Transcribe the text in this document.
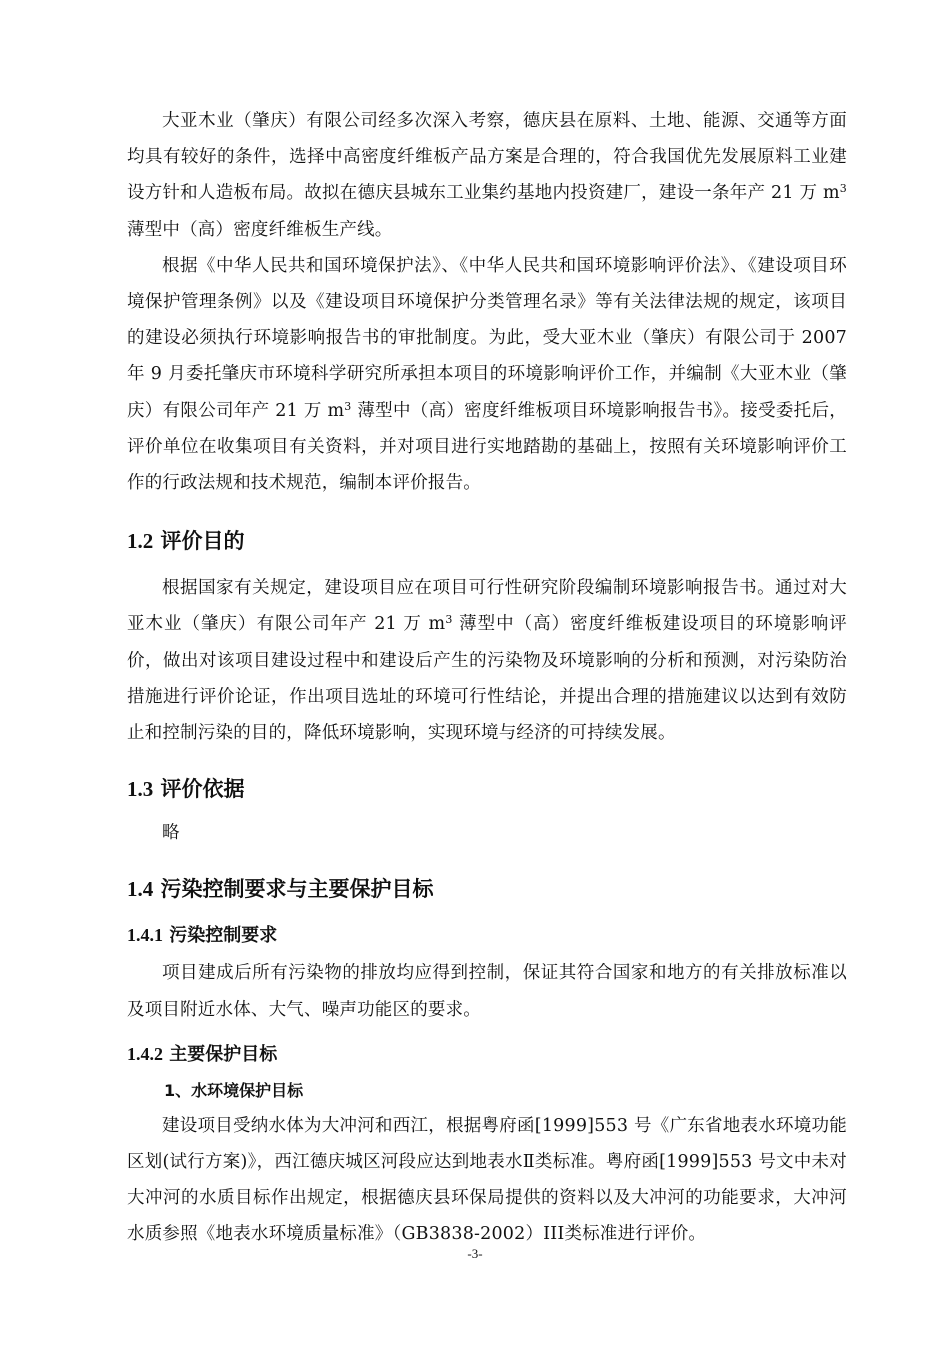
大亚木业（肇庆）有限公司经多次深入考察，德庆县在原料、土地、能源、交通等方面均具有较好的条件，选择中高密度纤维板产品方案是合理的，符合我国优先发展原料工业建设方针和人造板布局。故拟在德庆县城东工业集约基地内投资建厂，建设一条年产 21 万 $m^3$ 薄型中（高）密度纤维板生产线。

根据《中华人民共和国环境保护法》、《中华人民共和国环境影响评价法》、《建设项目环境保护管理条例》以及《建设项目环境保护分类管理名录》等有关法律法规的规定，该项目的建设必须执行环境影响报告书的审批制度。为此，受大亚木业（肇庆）有限公司于 2007 年 9 月委托肇庆市环境科学研究所承担本项目的环境影响评价工作，并编制《大亚木业（肇庆）有限公司年产 21 万 $m^3$ 薄型中（高）密度纤维板项目环境影响报告书》。接受委托后，评价单位在收集项目有关资料，并对项目进行实地踏勘的基础上，按照有关环境影响评价工作的行政法规和技术规范，编制本评价报告。

1.2 评价目的

根据国家有关规定，建设项目应在项目可行性研究阶段编制环境影响报告书。通过对大亚木业（肇庆）有限公司年产 21 万 $m^3$ 薄型中（高）密度纤维板建设项目的环境影响评价，做出对该项目建设过程中和建设后产生的污染物及环境影响的分析和预测，对污染防治措施进行评价论证，作出项目选址的环境可行性结论，并提出合理的措施建议以达到有效防止和控制污染的目的，降低环境影响，实现环境与经济的可持续发展。

1.3 评价依据

略

1.4 污染控制要求与主要保护目标
1.4.1 污染控制要求

项目建成后所有污染物的排放均应得到控制，保证其符合国家和地方的有关排放标准以及项目附近水体、大气、噪声功能区的要求。

1.4.2 主要保护目标
1、水环境保护目标

建设项目受纳水体为大冲河和西江，根据粤府函[1999]553 号《广东省地表水环境功能区划(试行方案)》，西江德庆城区河段应达到地表水Ⅱ类标准。粤府函[1999]553 号文中未对大冲河的水质目标作出规定，根据德庆县环保局提供的资料以及大冲河的功能要求，大冲河水质参照《地表水环境质量标准》（GB3838-2002）III类标准进行评价。

-3-
